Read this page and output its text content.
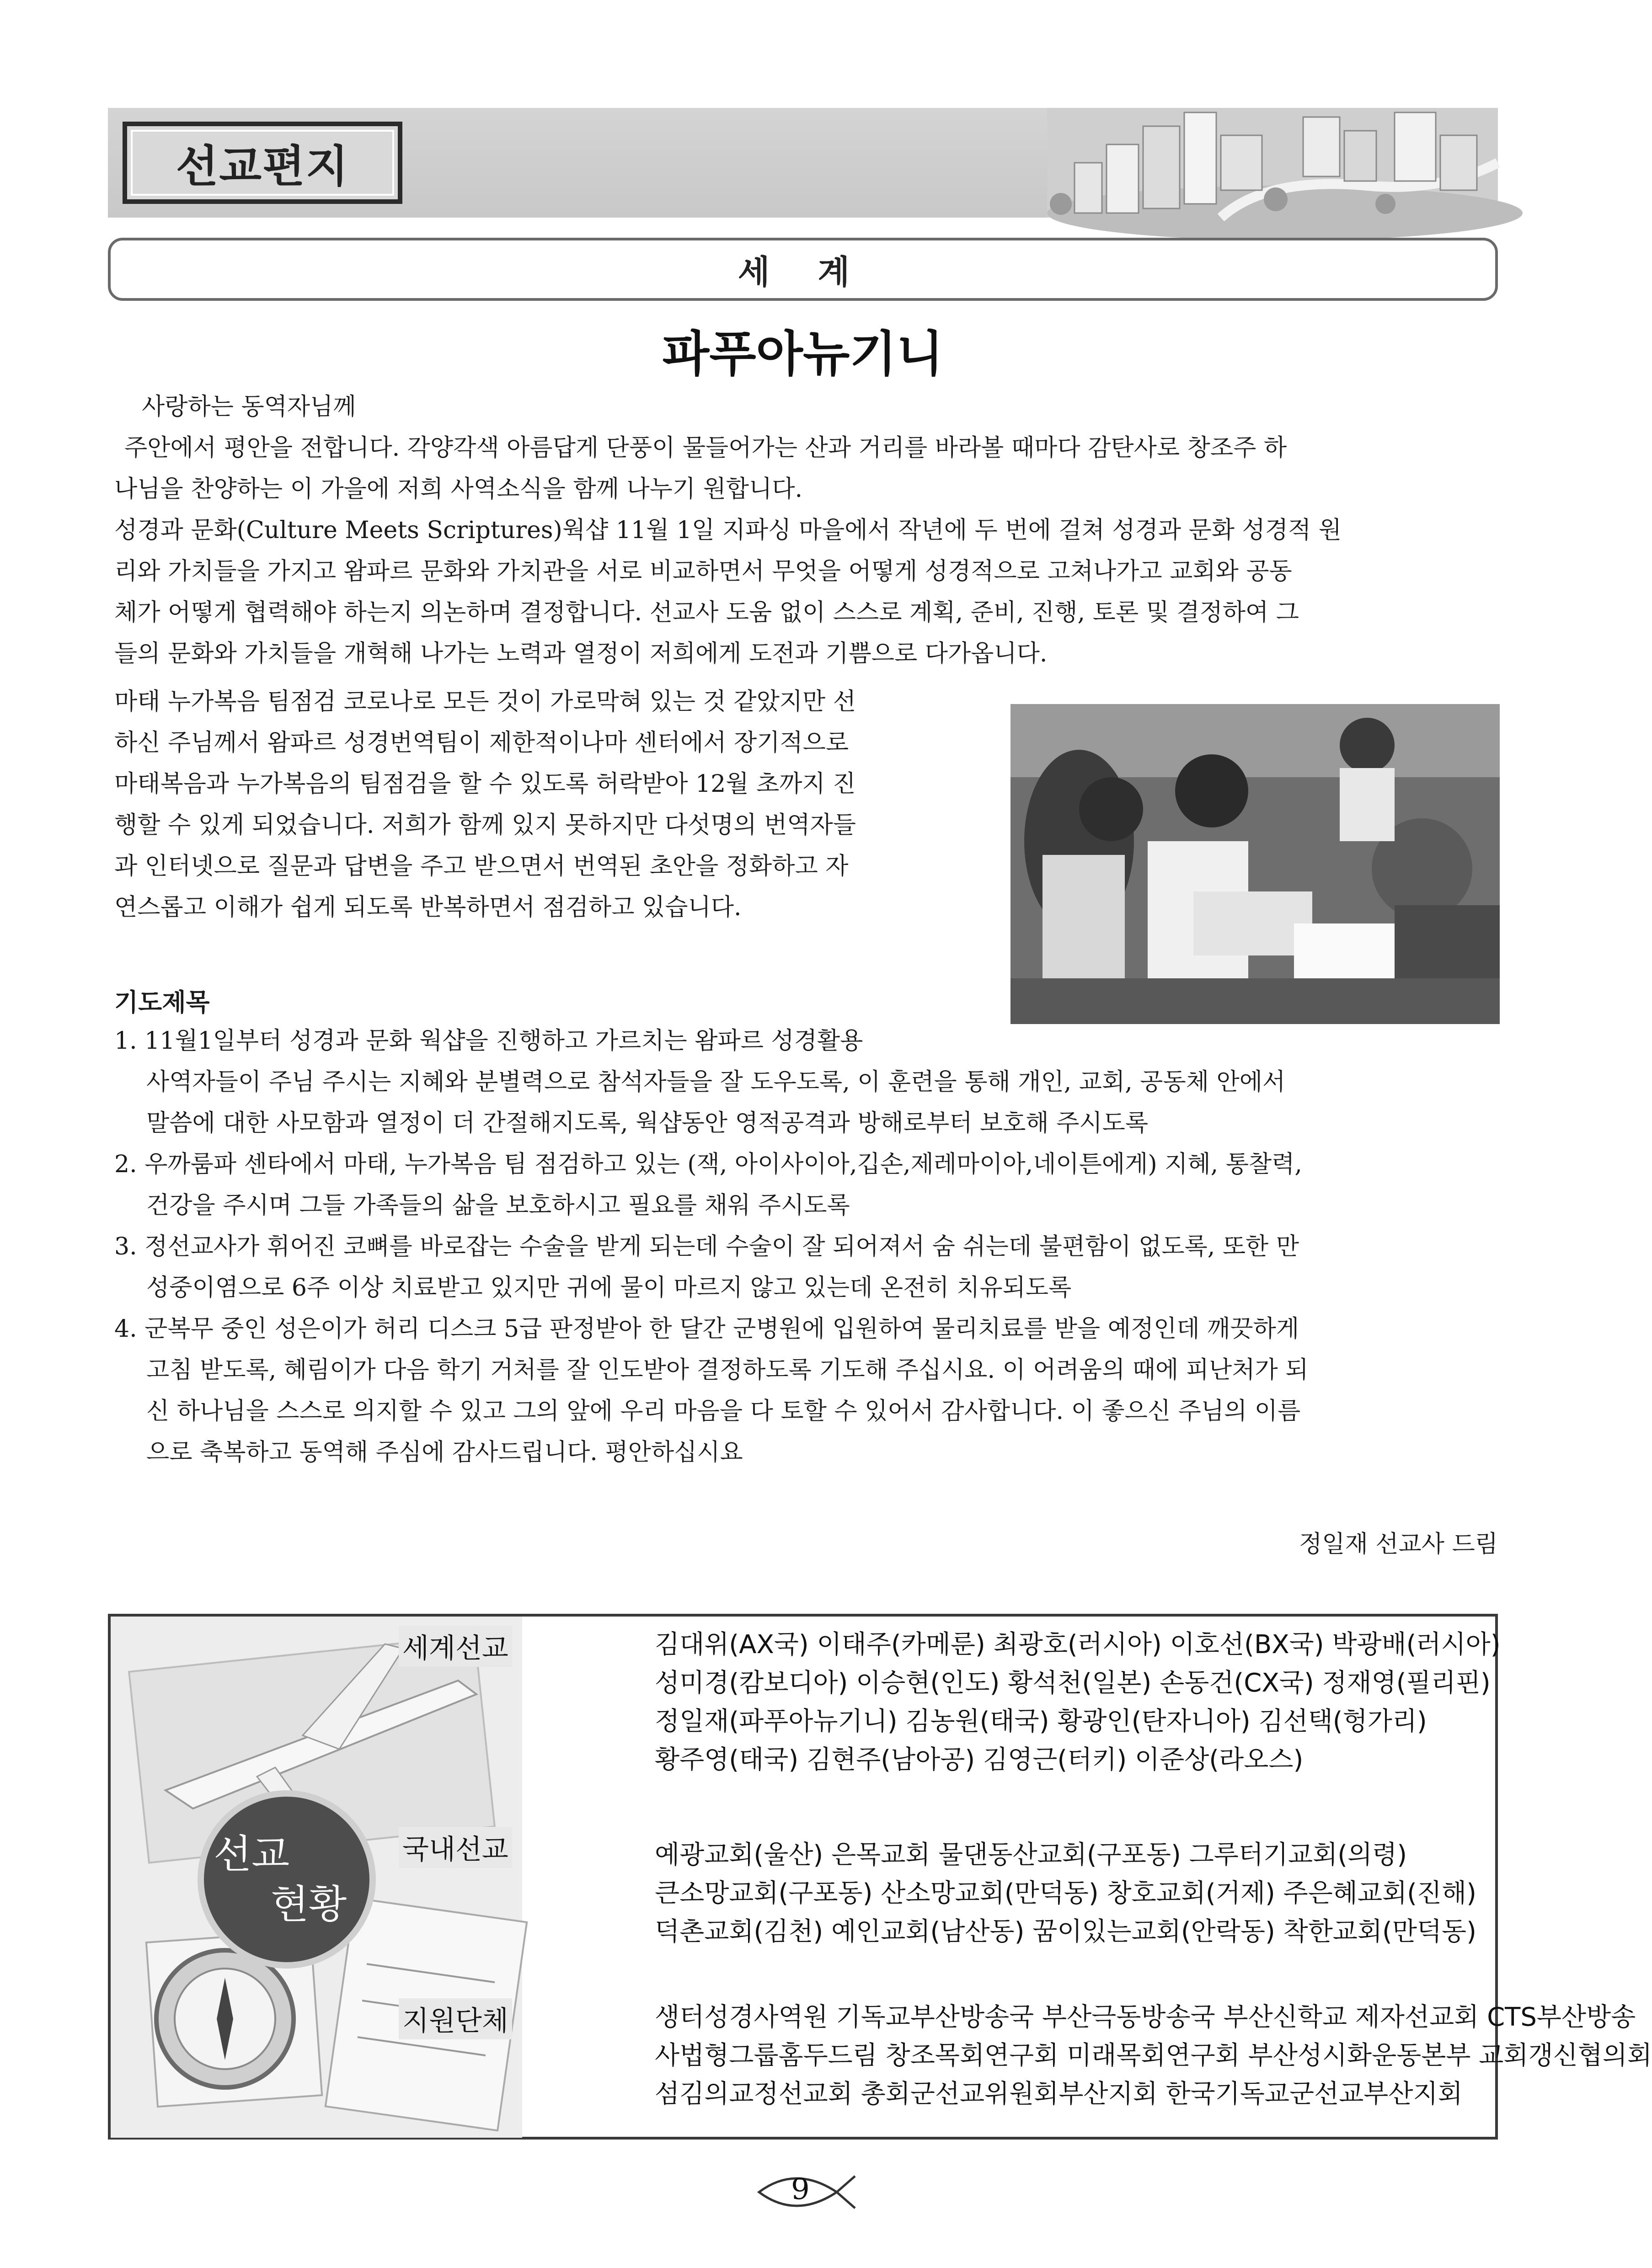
선교편지
세 계
파푸아뉴기니
사랑하는 동역자님께
주안에서 평안을 전합니다. 각양각색 아름답게 단풍이 물들어가는 산과 거리를 바라볼 때마다 감탄사로 창조주 하
나님을 찬양하는 이 가을에 저희 사역소식을 함께 나누기 원합니다.
성경과 문화(Culture Meets Scriptures)웍샵 11월 1일 지파싱 마을에서 작년에 두 번에 걸쳐 성경과 문화 성경적 원
리와 가치들을 가지고 왐파르 문화와 가치관을 서로 비교하면서 무엇을 어떻게 성경적으로 고쳐나가고 교회와 공동
체가 어떻게 협력해야 하는지 의논하며 결정합니다. 선교사 도움 없이 스스로 계획, 준비, 진행, 토론 및 결정하여 그
들의 문화와 가치들을 개혁해 나가는 노력과 열정이 저희에게 도전과 기쁨으로 다가옵니다.
마태 누가복음 팀점검 코로나로 모든 것이 가로막혀 있는 것 같았지만 선
하신 주님께서 왐파르 성경번역팀이 제한적이나마 센터에서 장기적으로
마태복음과 누가복음의 팀점검을 할 수 있도록 허락받아 12월 초까지 진
행할 수 있게 되었습니다. 저희가 함께 있지 못하지만 다섯명의 번역자들
과 인터넷으로 질문과 답변을 주고 받으면서 번역된 초안을 정화하고 자
연스롭고 이해가 쉽게 되도록 반복하면서 점검하고 있습니다.
기도제목
1. 11월1일부터 성경과 문화 웍샵을 진행하고 가르치는 왐파르 성경활용
사역자들이 주님 주시는 지혜와 분별력으로 참석자들을 잘 도우도록, 이 훈련을 통해 개인, 교회, 공동체 안에서
말씀에 대한 사모함과 열정이 더 간절해지도록, 웍샵동안 영적공격과 방해로부터 보호해 주시도록
2. 우까룸파 센타에서 마태, 누가복음 팀 점검하고 있는 (잭, 아이사이아,깁손,제레마이아,네이튼에게) 지혜, 통찰력,
건강을 주시며 그들 가족들의 삶을 보호하시고 필요를 채워 주시도록
3. 정선교사가 휘어진 코뼈를 바로잡는 수술을 받게 되는데 수술이 잘 되어져서 숨 쉬는데 불편함이 없도록, 또한 만
성중이염으로 6주 이상 치료받고 있지만 귀에 물이 마르지 않고 있는데 온전히 치유되도록
4. 군복무 중인 성은이가 허리 디스크 5급 판정받아 한 달간 군병원에 입원하여 물리치료를 받을 예정인데 깨끗하게
고침 받도록, 혜림이가 다음 학기 거처를 잘 인도받아 결정하도록 기도해 주십시요. 이 어려움의 때에 피난처가 되
신 하나님을 스스로 의지할 수 있고 그의 앞에 우리 마음을 다 토할 수 있어서 감사합니다. 이 좋으신 주님의 이름
으로 축복하고 동역해 주심에 감사드립니다. 평안하십시요
정일재 선교사 드림
선교
현황
세계선교	김대위(AX국) 이태주(카메룬) 최광호(러시아) 이호선(BX국) 박광배(러시아)
성미경(캄보디아) 이승현(인도) 황석천(일본) 손동건(CX국) 정재영(필리핀)
정일재(파푸아뉴기니) 김농원(태국) 황광인(탄자니아) 김선택(헝가리)
황주영(태국) 김현주(남아공) 김영근(터키) 이준상(라오스)
국내선교	예광교회(울산) 은목교회 물댄동산교회(구포동) 그루터기교회(의령)
큰소망교회(구포동) 산소망교회(만덕동) 창호교회(거제) 주은혜교회(진해)
덕촌교회(김천) 예인교회(남산동) 꿈이있는교회(안락동) 착한교회(만덕동)
지원단체	생터성경사역원 기독교부산방송국 부산극동방송국 부산신학교 제자선교회 CTS부산방송
사법형그룹홈두드림 창조목회연구회 미래목회연구회 부산성시화운동본부 교회갱신협의회
섬김의교정선교회 총회군선교위원회부산지회 한국기독교군선교부산지회
9
